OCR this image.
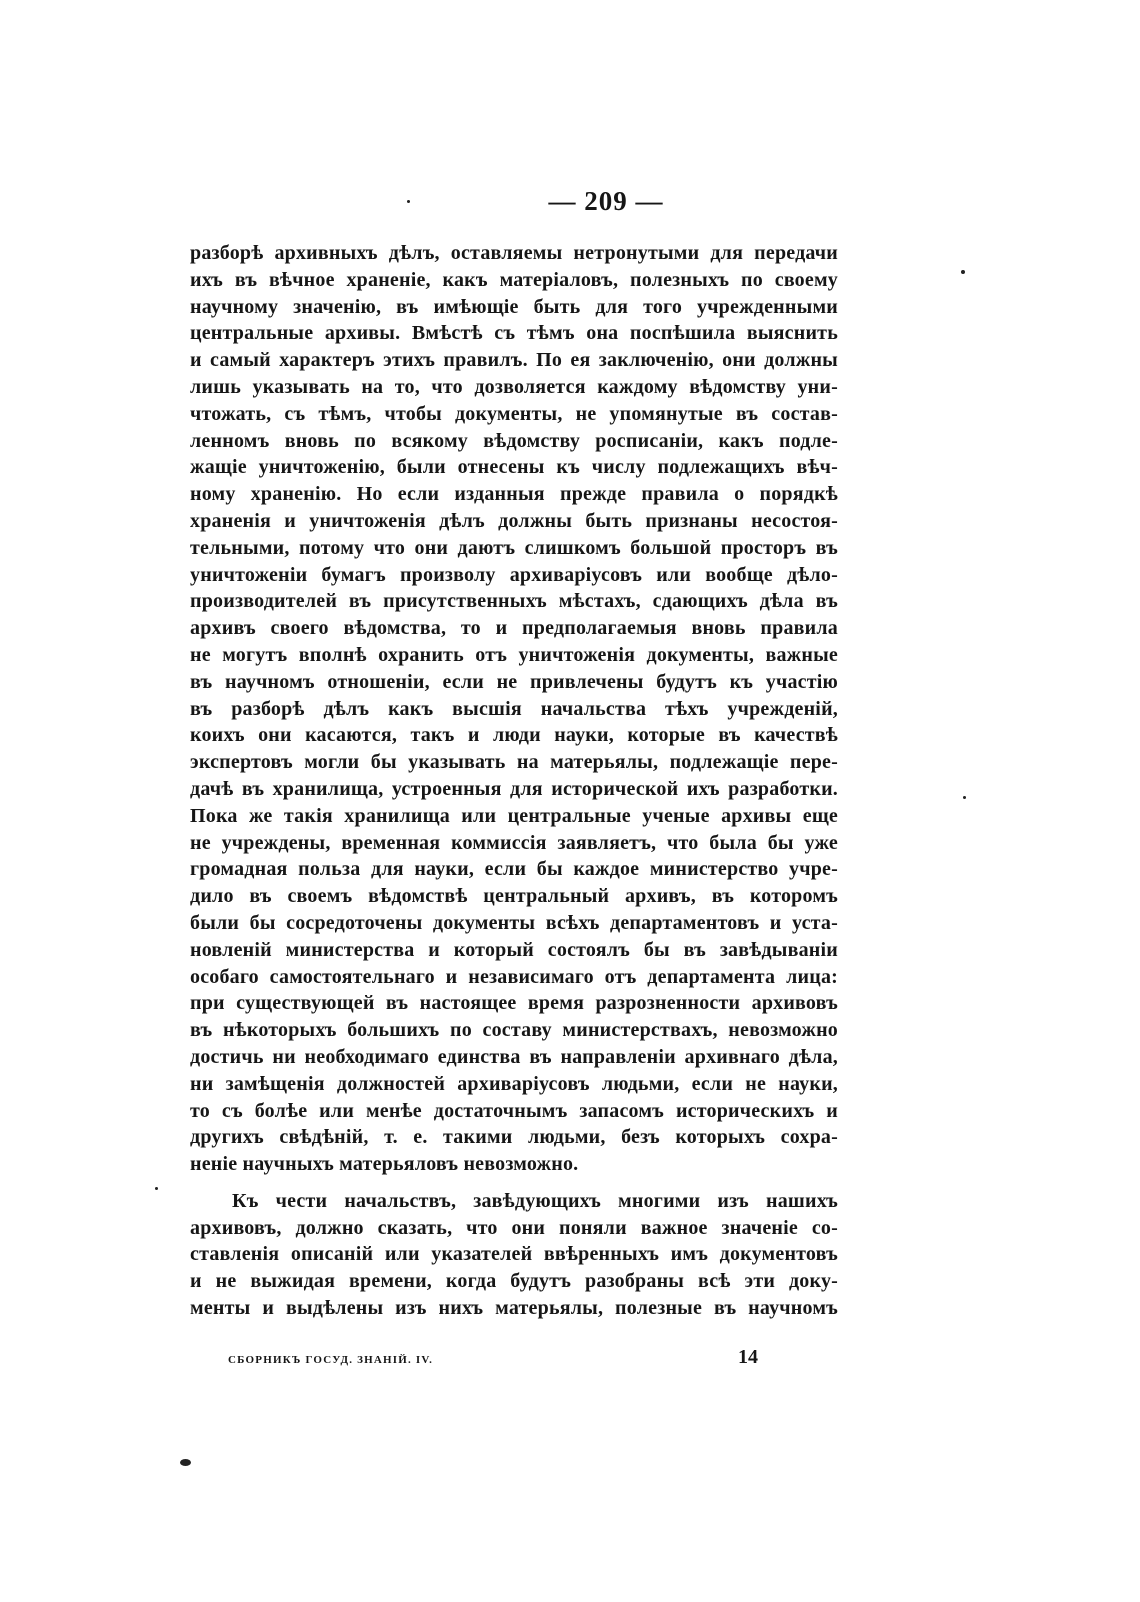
— 209 —
разборѣ архивныхъ дѣлъ, оставляемы нетронутыми для передачи
ихъ въ вѣчное храненіе, какъ матеріаловъ, полезныхъ по своему
научному значенію, въ имѣющіе быть для того учрежденными
центральные архивы. Вмѣстѣ съ тѣмъ она поспѣшила выяснить
и самый характеръ этихъ правилъ. По ея заключенію, они должны
лишь указывать на то, что дозволяется каждому вѣдомству уни-
чтожать, съ тѣмъ, чтобы документы, не упомянутые въ состав-
ленномъ вновь по всякому вѣдомству росписаніи, какъ подле-
жащіе уничтоженію, были отнесены къ числу подлежащихъ вѣч-
ному храненію. Но если изданныя прежде правила о порядкѣ
храненія и уничтоженія дѣлъ должны быть признаны несостоя-
тельными, потому что они даютъ слишкомъ большой просторъ въ
уничтоженіи бумагъ произволу архиваріусовъ или вообще дѣло-
производителей въ присутственныхъ мѣстахъ, сдающихъ дѣла въ
архивъ своего вѣдомства, то и предполагаемыя вновь правила
не могутъ вполнѣ охранить отъ уничтоженія документы, важные
въ научномъ отношеніи, если не привлечены будутъ къ участію
въ разборѣ дѣлъ какъ высшія начальства тѣхъ учрежденій,
коихъ они касаются, такъ и люди науки, которые въ качествѣ
экспертовъ могли бы указывать на матерьялы, подлежащіе пере-
дачѣ въ хранилища, устроенныя для исторической ихъ разработки.
Пока же такія хранилища или центральные ученые архивы еще
не учреждены, временная коммиссія заявляетъ, что была бы уже
громадная польза для науки, если бы каждое министерство учре-
дило въ своемъ вѣдомствѣ центральный архивъ, въ которомъ
были бы сосредоточены документы всѣхъ департаментовъ и уста-
новленій министерства и который состоялъ бы въ завѣдываніи
особаго самостоятельнаго и независимаго отъ департамента лица:
при существующей въ настоящее время разрозненности архивовъ
въ нѣкоторыхъ большихъ по составу министерствахъ, невозможно
достичь ни необходимаго единства въ направленіи архивнаго дѣла,
ни замѣщенія должностей архиваріусовъ людьми, если не науки,
то съ болѣе или менѣе достаточнымъ запасомъ историческихъ и
другихъ свѣдѣній, т. е. такими людьми, безъ которыхъ сохра-
неніе научныхъ матерьяловъ невозможно.
Къ чести начальствъ, завѣдующихъ многими изъ нашихъ
архивовъ, должно сказать, что они поняли важное значеніе со-
ставленія описаній или указателей ввѣренныхъ имъ документовъ
и не выжидая времени, когда будутъ разобраны всѣ эти доку-
менты и выдѣлены изъ нихъ матерьялы, полезные въ научномъ
СБОРНИКЪ ГОСУД. ЗНАНІЙ. IV.	14
